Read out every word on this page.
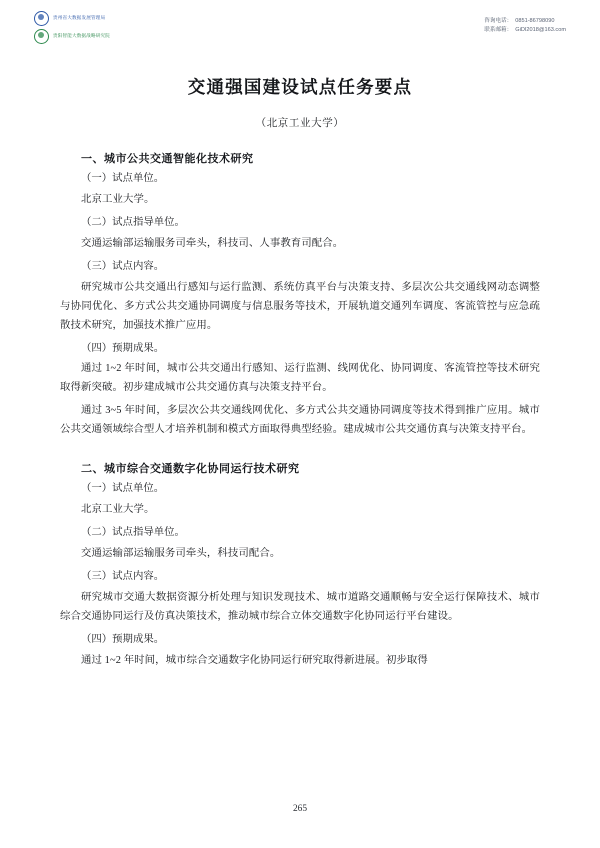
贵州省大数据发展管理局
贵阳智能大数据战略研究院
咨询电话： 0851-86798090
联系邮箱： GiDI2018@163.com
交通强国建设试点任务要点
（北京工业大学）
一、城市公共交通智能化技术研究

（一）试点单位。

北京工业大学。

（二）试点指导单位。

交通运输部运输服务司牵头，科技司、人事教育司配合。

（三）试点内容。

研究城市公共交通出行感知与运行监测、系统仿真平台与决策支持、多层次公共交通线网动态调整与协同优化、多方式公共交通协同调度与信息服务等技术，开展轨道交通列车调度、客流管控与应急疏散技术研究，加强技术推广应用。

（四）预期成果。

通过 1~2 年时间，城市公共交通出行感知、运行监测、线网优化、协同调度、客流管控等技术研究取得新突破。初步建成城市公共交通仿真与决策支持平台。

通过 3~5 年时间，多层次公共交通线网优化、多方式公共交通协同调度等技术得到推广应用。城市公共交通领域综合型人才培养机制和模式方面取得典型经验。建成城市公共交通仿真与决策支持平台。

二、城市综合交通数字化协同运行技术研究

（一）试点单位。

北京工业大学。

（二）试点指导单位。

交通运输部运输服务司牵头，科技司配合。

（三）试点内容。

研究城市交通大数据资源分析处理与知识发现技术、城市道路交通顺畅与安全运行保障技术、城市综合交通协同运行及仿真决策技术，推动城市综合立体交通数字化协同运行平台建设。

（四）预期成果。

通过 1~2 年时间，城市综合交通数字化协同运行研究取得新进展。初步取得

265
